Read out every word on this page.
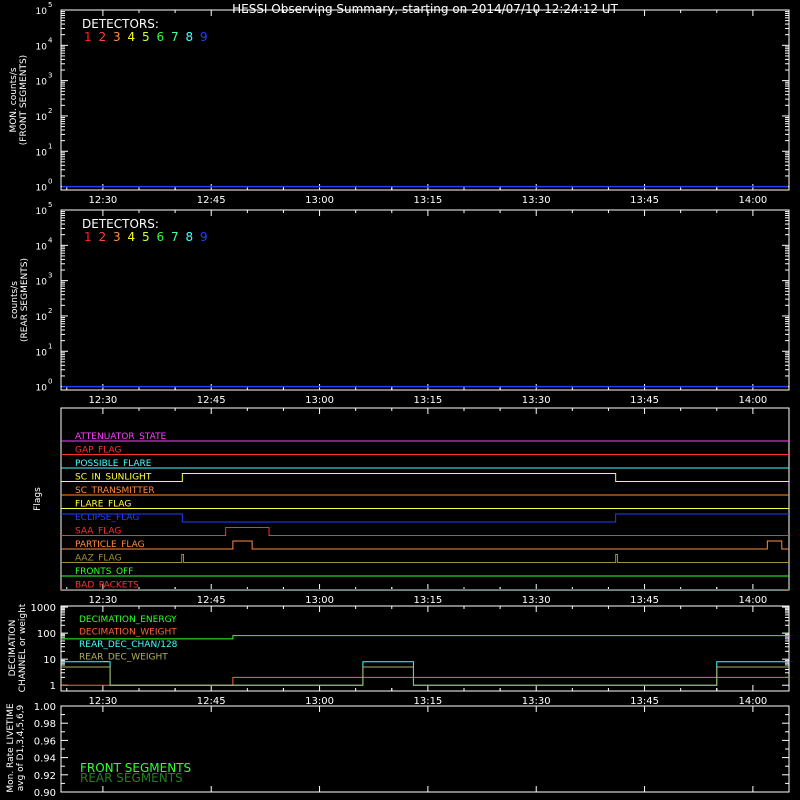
HESSI Observing Summary, starting on 2014/07/10 12:24:12 UT
10
0
10
1
10
2
10
3
10
4
10
5
MON. counts/s (FRONT SEGMENTS)
12:30	12:45	13:00	13:15	13:30	13:45	14:00
DETECTORS:
1 2 3 4 5 6 7 8 9
10
0
10
1
10
2
10
3
10
4
10
5
counts/s (REAR SEGMENTS)
12:30	12:45	13:00	13:15	13:30	13:45	14:00
DETECTORS:
1 2 3 4 5 6 7 8 9
12:30	12:45	13:00	13:15	13:30	13:45	14:00
Flags
ATTENUATOR_STATE
GAP_FLAG
POSSIBLE_FLARE
SC_IN_SUNLIGHT
SC_TRANSMITTER
FLARE_FLAG
ECLIPSE_FLAG
SAA_FLAG
PARTICLE_FLAG
AAZ_FLAG
FRONTS_OFF
BAD_PACKETS
1
10
100
1000
DECIMATION CHANNEL or weight
12:30	12:45	13:00	13:15	13:30	13:45	14:00
DECIMATION_ENERGY
DECIMATION_WEIGHT
REAR_DEC_CHAN/128
REAR_DEC_WEIGHT
0.90
0.92
0.94
0.96
0.98
1.00
Mon. Rate LIVETIME avg of D1,3,4,5,6,9	FRONT SEGMENTS
REAR SEGMENTS
